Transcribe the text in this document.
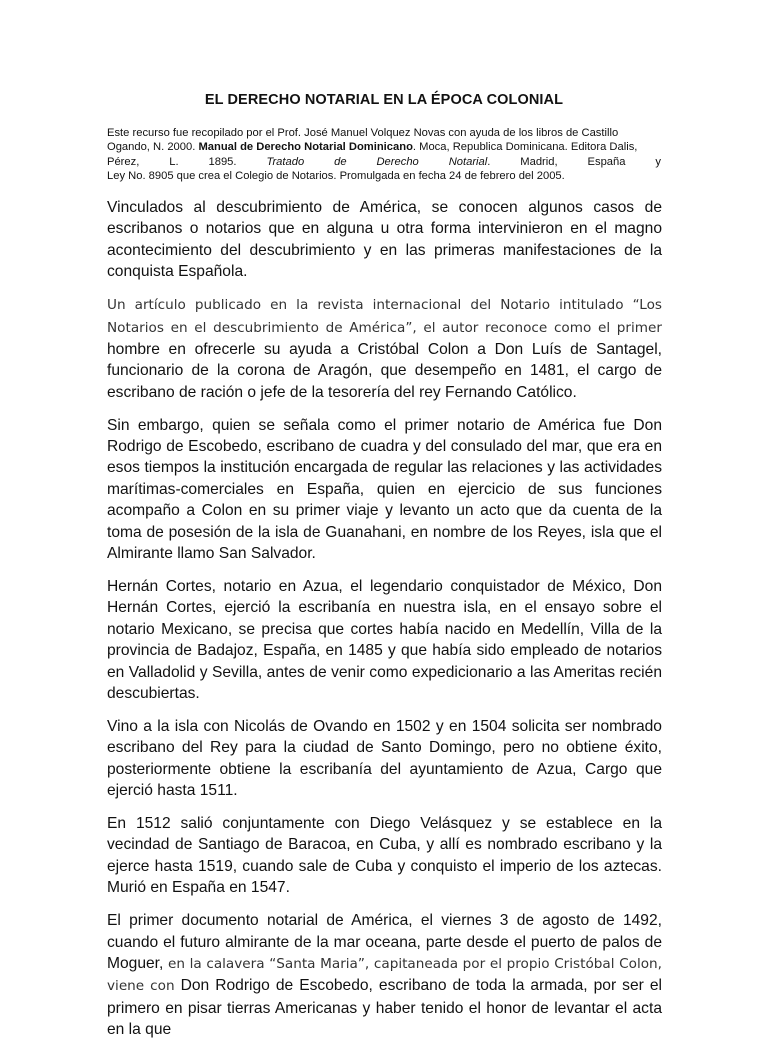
EL DERECHO NOTARIAL EN LA ÉPOCA COLONIAL
Este recurso fue recopilado por el Prof. José Manuel Volquez Novas con ayuda de los libros de Castillo Ogando, N. 2000. Manual de Derecho Notarial Dominicano. Moca, Republica Dominicana. Editora Dalis,
Pérez, L. 1895. Tratado de Derecho Notarial. Madrid, España y
Ley No. 8905 que crea el Colegio de Notarios. Promulgada en fecha 24 de febrero del 2005.

Vinculados al descubrimiento de América, se conocen algunos casos de escribanos o notarios que en alguna u otra forma intervinieron en el magno acontecimiento del descubrimiento y en las primeras manifestaciones de la conquista Española.

Un artículo publicado en la revista internacional del Notario intitulado “Los Notarios en el descubrimiento de América”, el autor reconoce como el primer hombre en ofrecerle su ayuda a Cristóbal Colon a Don Luís de Santagel, funcionario de la corona de Aragón, que desempeño en 1481, el cargo de escribano de ración o jefe de la tesorería del rey Fernando Católico.

Sin embargo, quien se señala como el primer notario de América fue Don Rodrigo de Escobedo, escribano de cuadra y del consulado del mar, que era en esos tiempos la institución encargada de regular las relaciones y las actividades marítimas-comerciales en España, quien en ejercicio de sus funciones acompaño a Colon en su primer viaje y levanto un acto que da cuenta de la toma de posesión de la isla de Guanahani, en nombre de los Reyes, isla que el Almirante llamo San Salvador.

Hernán Cortes, notario en Azua, el legendario conquistador de México, Don Hernán Cortes, ejerció la escribanía en nuestra isla, en el ensayo sobre el notario Mexicano, se precisa que cortes había nacido en Medellín, Villa de la provincia de Badajoz, España, en 1485 y que había sido empleado de notarios en Valladolid y Sevilla, antes de venir como expedicionario a las Ameritas recién descubiertas.

Vino a la isla con Nicolás de Ovando en 1502 y en 1504 solicita ser nombrado escribano del Rey para la ciudad de Santo Domingo, pero no obtiene éxito, posteriormente obtiene la escribanía del ayuntamiento de Azua, Cargo que ejerció hasta 1511.

En 1512 salió conjuntamente con Diego Velásquez y se establece en la vecindad de Santiago de Baracoa, en Cuba, y allí es nombrado escribano y la ejerce hasta 1519, cuando sale de Cuba y conquisto el imperio de los aztecas. Murió en España en 1547.

El primer documento notarial de América, el viernes 3 de agosto de 1492, cuando el futuro almirante de la mar oceana, parte desde el puerto de palos de Moguer, en la calavera “Santa Maria”, capitaneada por el propio Cristóbal Colon, viene con Don Rodrigo de Escobedo, escribano de toda la armada, por ser el primero en pisar tierras Americanas y haber tenido el honor de levantar el acta en la que
